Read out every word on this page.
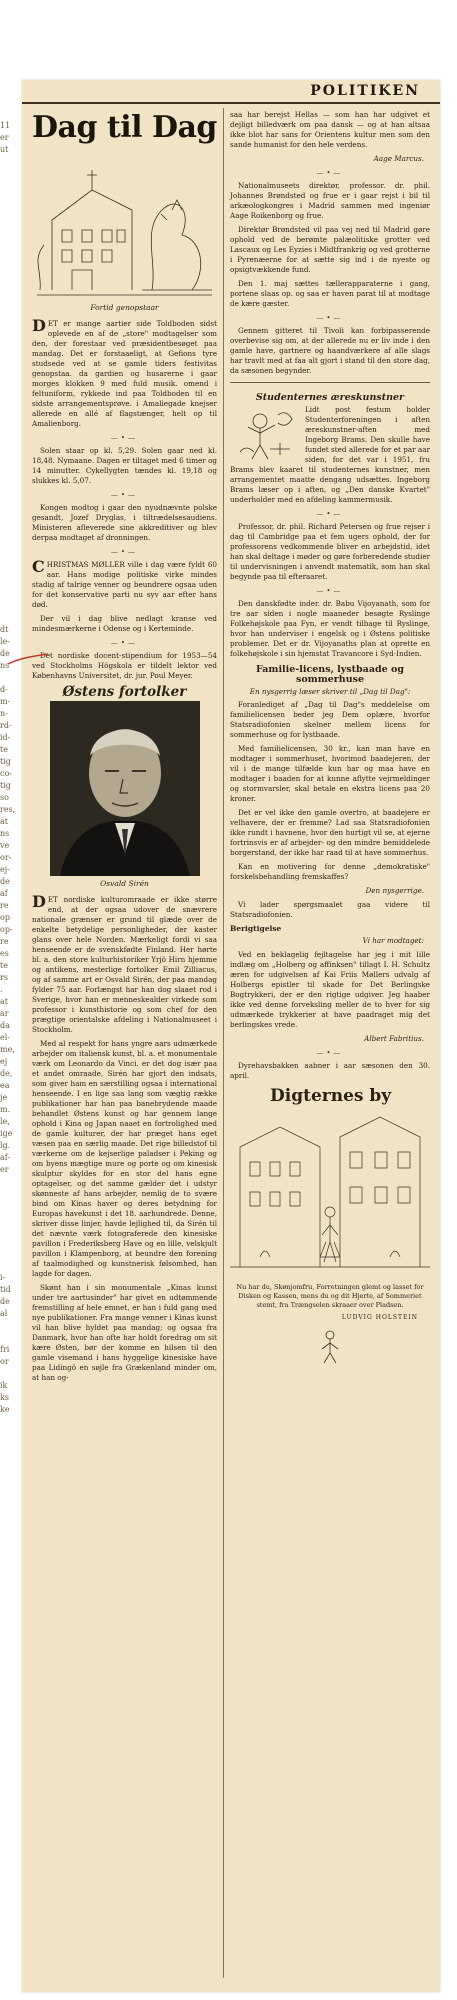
11
er
ut

dt
le-
de
ns

d-
m-
n-
rd-
id-
te
tig
co-
tig
so
res,
at
ns
ve
or-
ej-
de
af
re
op
op-
re
es
te
rs
.
at
ar
da
el-
me,
ej
de,
ea
je
m.
le,
ige
lg.
af-
er

i-
tid
de
al

fri
or

ik
ks
ke
POLITIKEN
Dag til Dag
Fortid genopstaar

DET er mange aartier side Toldboden sidst oplevede en af de „store" modtagelser som den, der forestaar ved præsidentbesøget paa mandag. Det er forstaaeligt, at Gefions tyre studsede ved at se gamle tiders festivitas genopstaa. da gardien og husarerne i gaar morges klokken 9 med fuld musik. omend i feltuniform, rykkede ind paa Toldboden til en sidste arrangementsprøve. i Amaliegade knejser allerede en allé af flagstænger, helt op til Amalienborg.

—•—

Solen staar op kl. 5,29. Solen gaar ned kl. 18,48. Nymaane. Dagen er tiltaget med 6 timer og 14 minutter. Cykellygten tændes kl. 19,18 og slukkes kl. 5,07.

—•—

Kongen modtog i gaar den nyudnævnte polske gesandt, Jozef Dryglas, i tiltrædelsesaudiens. Ministeren afleverede sine akkreditiver og blev derpaa modtaget af dronningen.

—•—

CHRISTMAS MØLLER ville i dag være fyldt 60 aar. Hans modige politiske virke mindes stadig af talrige venner og beundrere ogsaa uden for det konservative parti nu syv aar efter hans død.

Der vil i dag blive nedlagt kranse ved mindesmærkerne i Odense og i Kerteminde.

—•—

Det nordiske docent-stipendium for 1953—54 ved Stockholms Högskola er tildelt lektor ved Københavns Universitet, dr. jur. Poul Meyer.

Østens fortolker
Osvald Sirén

DET nordiske kulturomraade er ikke større end, at der ogsaa udover de snævrere nationale grænser er grund til glæde over de enkelte betydelige personligheder, der kaster glans over hele Norden. Mærkeligt fordi vi saa henseende er de svenskfødte Finland. Her hørte bl. a. den store kulturhistoriker Yrjö Hirn hjemme og antikens, mesterlige fortolker Emil Zilliacus, og af samme art er Osvald Sirén, der paa mandag fylder 75 aar. Forlængst har han dog slaaet rod i Sverige, hvor han er menneskealder virkede som professor i kunsthistorie og som chef for den prægtige orientalske afdeling i Nationalmuseet i Stockholm.

Med al respekt for hans yngre aars udmærkede arbejder om italiensk kunst, bl. a. et monumentale værk om Leonardo da Vinci. er det dog især paa et andet omraade, Sirén har gjort den indsats, som giver ham en særstilling ogsaa i international henseende. I en lige saa lang som vægtig række publikationer har han paa banebrydende maade behandlet Østens kunst og har gennem lange ophold i Kina og Japan naaet en fortrolighed med de gamle kulturer, der har præget hans eget væsen paa en særlig maade. Det rige billedstof til værkerne om de kejserlige paladser i Peking og om byens mægtige mure og porte og om kinesisk skulptur skyldes for en stor del hans egne optagelser, og det samme gælder det i udstyr skønneste af hans arbejder, nemlig de to svære bind om Kinas haver og deres betydning for Europas havekunst i det 18. aarhundrede. Denne, skriver disse linjer, havde lejlighed til, da Sirén til det nævnte værk fotograferede den kinesiske pavillon i Frederiksberg Have og en lille, velskjult pavillon i Klampenborg, at beundre den forening af taalmodighed og kunstnerisk følsomhed, han lagde for dagen.

Skønt han i sin monumentale „Kinas kunst under tre aartusinder" har givet en udtømmende fremstilling af hele emnet, er han i fuld gang med nye publikationer. Fra mange venner i Kinas kunst vil han blive hyldet paa mandag; og ogsaa fra Danmark, hvor han ofte har holdt foredrag om sit kære Østen, bør der komme en hilsen til den gamle visemand i hans hyggelige kinesiske have paa Lidingö en søjle fra Grækenland minder om, at han og-

saa har berejst Hellas — som han har udgivet et dejligt billedværk om paa dansk — og at han altsaa ikke blot har sans for Orientens kultur men som den sande humanist for den hele verdens.

Aage Marcus.
—•—

Nationalmuseets direktør, professor. dr. phil. Johannes Brøndsted og frue er i gaar rejst i bil til arkæologkongres i Madrid sammen med ingeniør Aage Roikenborg og frue.

Direktør Brøndsted vil paa vej ned til Madrid gøre ophold ved de berømte palæolitiske grotter ved Lascaux og Les Eyzies i Midtfrankrig og ved grotterne i Pyrenæerne for at sætte sig ind i de nyeste og opsigtvækkende fund.

Den 1. maj sættes tællerapparaterne i gang, portene slaas op. og saa er haven parat til at modtage de kære gæster.

—•—

Gennem gitteret til Tivoli kan forbipasserende overbevise sig om, at der allerede nu er liv inde i den gamle have, gartnere og haandværkere af alle slags har travlt med at faa alt gjort i stand til den store dag, da sæsonen begynder.

Studenternes æreskunstner

Lidt post festum holder Studenterforeningen i aften æreskunstner-aften med Ingeborg Brams. Den skulle have fundet sted allerede for et par aar siden, for det var i 1951, fru Brams blev kaaret til studenternes kunstner, men arrangementet maatte dengang udsættes. Ingeborg Brams læser op i aften, og „Den danske Kvartet" underholder med en afdeling kammermusik.

—•—

Professor, dr. phil. Richard Petersen og frue rejser i dag til Cambridge paa et fem ugers ophold, der for professorens vedkommende bliver en arbejdstid, idet han skal deltage i møder og gøre forberedende studier til undervisningen i anvendt matematik, som han skal begynde paa til efteraaret.

—•—

Den danskfødte inder. dr. Babu Vijoyanath, som for tre aar siden i nogle maaneder besøgte Ryslinge Folkehøjskole paa Fyn, er vendt tilbage til Ryslinge, hvor han underviser i engelsk og i Østens politiske problemer. Det er dr. Vijoyanaths plan at oprette en folkehøjskole i sin hjemstat Travancore i Syd-Indien.

Familie-licens, lystbaade og sommerhuse
En nysgerrig læser skriver til „Dag til Dag":

Foranlediget af „Dag til Dag"s meddelelse om familielicensen beder jeg Dem oplære, hvorfor Statsradiofonien skelner mellem licens for sommerhuse og for lystbaade.

Med familielicensen, 30 kr., kan man have en modtager i sommerhuset, hvorimod baadejeren, der vil i de mange tilfælde kun har og maa have en modtager i baaden for at kunne aflytte vejrmeldinger og stormvarsler, skal betale en ekstra licens paa 20 kroner.

Det er vel ikke den gamle overtro, at baadejere er velhavere, der er fremme? Lad saa Statsradiofonien ikke rundt i havnene, hvor den hurtigt vil se, at ejerne fortrinsvis er af arbejder- og den mindre bemiddelede borgerstand, der ikke har raad til at have sommerhus.

Kan en motivering for denne „demokratiske" forskelsbehandling fremskaffes?

Den nysgerrige.

Vi lader spørgsmaalet gaa videre til Statsradiofonien.

Berigtigelse
Vi har modtaget:

Ved en beklagelig fejltagelse har jeg i mit lille indlæg om „Holberg og affinksen" tillagt I. H. Schultz æren for udgivelsen af Kai Friis Møllers udvalg af Holbergs epistler til skade for Det Berlingske Bogtrykkeri, der er den rigtige udgiver. Jeg haaber ikke ved denne forveksling meller de to hver for sig udmærkede trykkerier at have paadraget mig det berlingskes vrede.

Albert Fabritius.
—•—

Dyrehavsbakken aabner i aar sæsonen den 30. april.

Digternes by

Nu har du, Skønjomfru, Forretningen glemt og lasset for Disken og Kassen, mens du og dit Hjerte, af Sommeriet stemt, fra Trængselen skraaer over Pladsen.

LUDVIG HOLSTEIN
